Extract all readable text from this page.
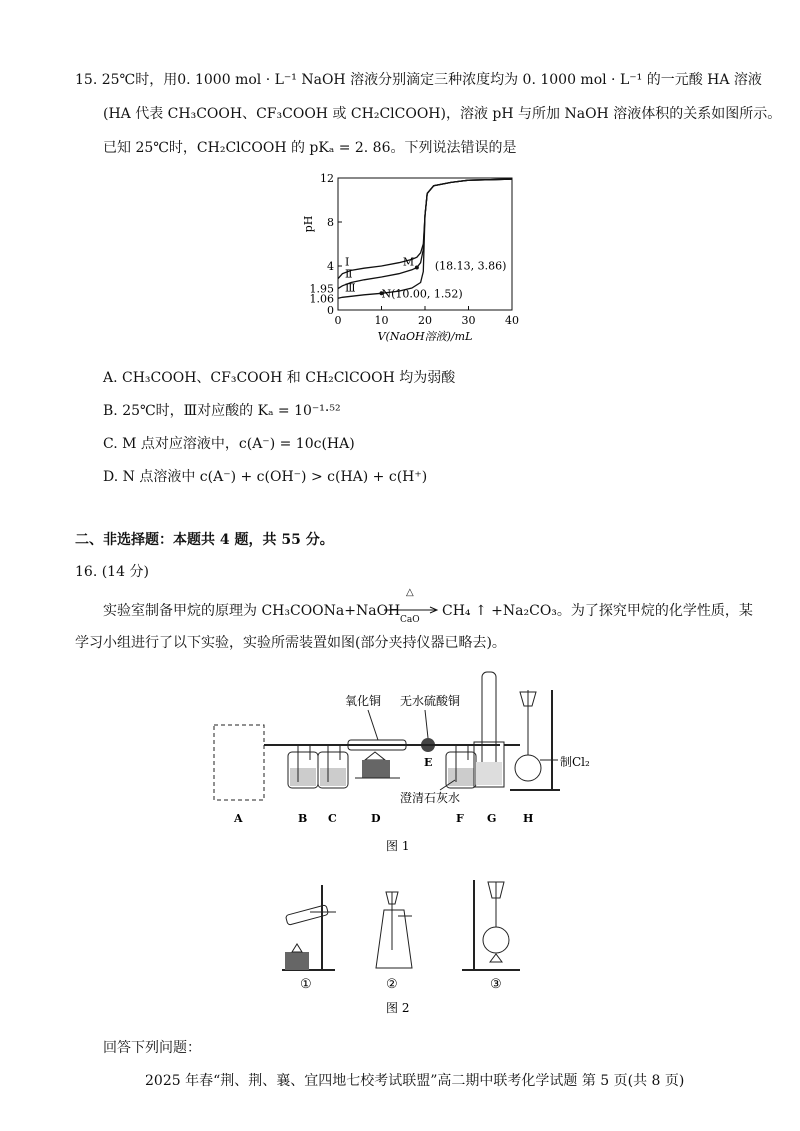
15. 25℃时，用0. 1000 mol · L⁻¹ NaOH 溶液分别滴定三种浓度均为 0. 1000 mol · L⁻¹ 的一元酸 HA 溶液
(HA 代表 CH₃COOH、CF₃COOH 或 CH₂ClCOOH)，溶液 pH 与所加 NaOH 溶液体积的关系如图所示。
已知 25℃时，CH₂ClCOOH 的 pKₐ = 2. 86。下列说法错误的是
0	10	20	30	40
0
4
8
12
1.06
1.95
V(NaOH溶液)/mL
pH
Ⅰ
Ⅱ
Ⅲ
M (18.13, 3.86)
N(10.00, 1.52)
A. CH₃COOH、CF₃COOH 和 CH₂ClCOOH 均为弱酸
B. 25℃时，Ⅲ对应酸的 Kₐ = 10⁻¹·⁵²
C. M 点对应溶液中，c(A⁻) = 10c(HA)
D. N 点溶液中 c(A⁻) + c(OH⁻) > c(HA) + c(H⁺)
二、非选择题：本题共 4 题，共 55 分。
16. (14 分)
实验室制备甲烷的原理为 CH₃COONa+NaOH
△
CaO
CH₄ ↑ +Na₂CO₃。为了探究甲烷的化学性质，某
学习小组进行了以下实验，实验所需装置如图(部分夹持仪器已略去)。
氧化铜 无水硫酸铜
制Cl₂
澄清石灰水
A	B C	D
E
F G H
图 1
①	②	③
图 2
回答下列问题：
2025 年春“荆、荆、襄、宜四地七校考试联盟”高二期中联考化学试题 第 5 页(共 8 页)
